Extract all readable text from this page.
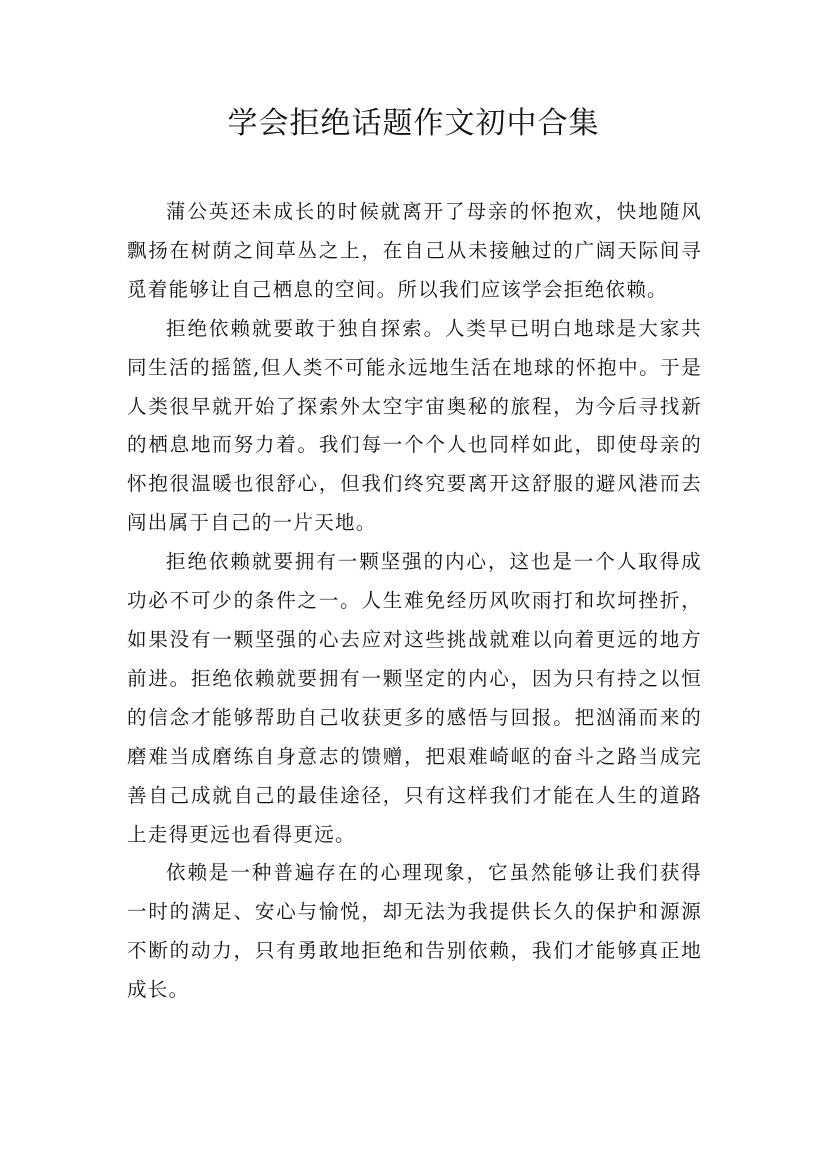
学会拒绝话题作文初中合集

蒲公英还未成长的时候就离开了母亲的怀抱欢，快地随风飘扬在树荫之间草丛之上，在自己从未接触过的广阔天际间寻觅着能够让自己栖息的空间。所以我们应该学会拒绝依赖。

拒绝依赖就要敢于独自探索。人类早已明白地球是大家共同生活的摇篮,但人类不可能永远地生活在地球的怀抱中。于是人类很早就开始了探索外太空宇宙奥秘的旅程，为今后寻找新的栖息地而努力着。我们每一个个人也同样如此，即使母亲的怀抱很温暖也很舒心，但我们终究要离开这舒服的避风港而去闯出属于自己的一片天地。

拒绝依赖就要拥有一颗坚强的内心，这也是一个人取得成功必不可少的条件之一。人生难免经历风吹雨打和坎坷挫折，如果没有一颗坚强的心去应对这些挑战就难以向着更远的地方前进。拒绝依赖就要拥有一颗坚定的内心，因为只有持之以恒的信念才能够帮助自己收获更多的感悟与回报。把汹涌而来的磨难当成磨练自身意志的馈赠，把艰难崎岖的奋斗之路当成完善自己成就自己的最佳途径，只有这样我们才能在人生的道路上走得更远也看得更远。

依赖是一种普遍存在的心理现象，它虽然能够让我们获得一时的满足、安心与愉悦，却无法为我提供长久的保护和源源不断的动力，只有勇敢地拒绝和告别依赖，我们才能够真正地成长。
